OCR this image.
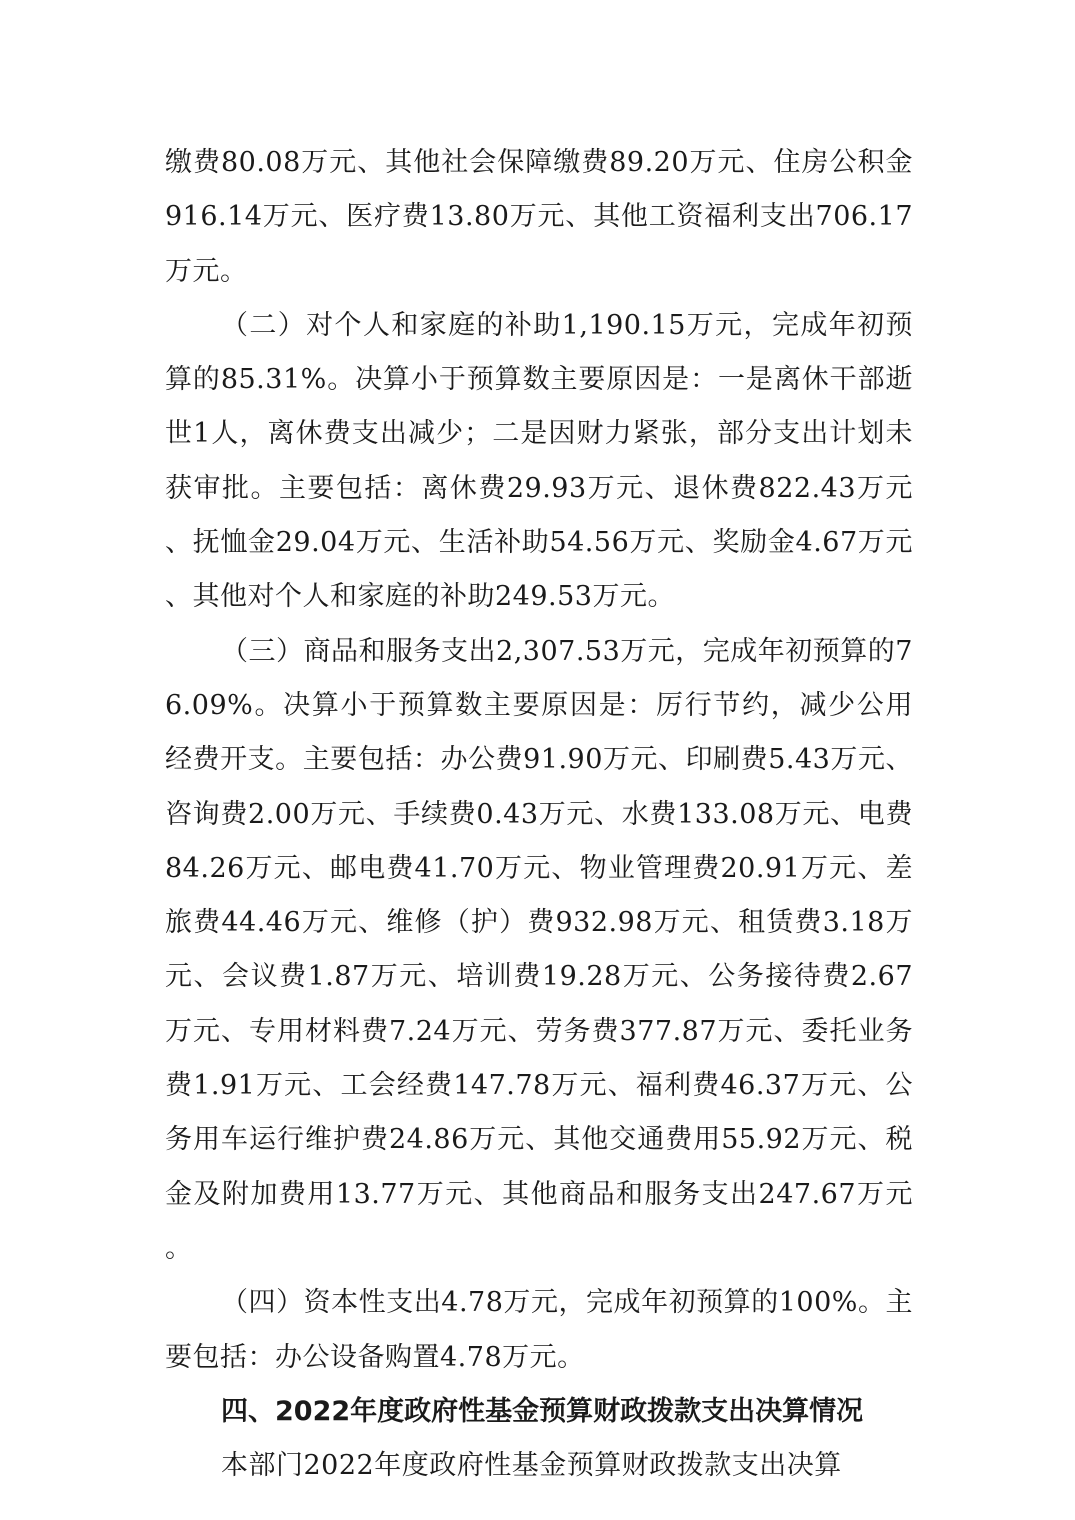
缴费80.08万元、其他社会保障缴费89.20万元、住房公积金916.14万元、医疗费13.80万元、其他工资福利支出706.17万元。

（二）对个人和家庭的补助1,190.15万元，完成年初预算的85.31%。决算小于预算数主要原因是：一是离休干部逝世1人，离休费支出减少；二是因财力紧张，部分支出计划未获审批。主要包括：离休费29.93万元、退休费822.43万元、抚恤金29.04万元、生活补助54.56万元、奖励金4.67万元、其他对个人和家庭的补助249.53万元。

（三）商品和服务支出2,307.53万元，完成年初预算的76.09%。决算小于预算数主要原因是：厉行节约，减少公用经费开支。主要包括：办公费91.90万元、印刷费5.43万元、咨询费2.00万元、手续费0.43万元、水费133.08万元、电费84.26万元、邮电费41.70万元、物业管理费20.91万元、差旅费44.46万元、维修（护）费932.98万元、租赁费3.18万元、会议费1.87万元、培训费19.28万元、公务接待费2.67万元、专用材料费7.24万元、劳务费377.87万元、委托业务费1.91万元、工会经费147.78万元、福利费46.37万元、公务用车运行维护费24.86万元、其他交通费用55.92万元、税金及附加费用13.77万元、其他商品和服务支出247.67万元。

（四）资本性支出4.78万元，完成年初预算的100%。主要包括：办公设备购置4.78万元。

四、2022年度政府性基金预算财政拨款支出决算情况

本部门2022年度政府性基金预算财政拨款支出决算
